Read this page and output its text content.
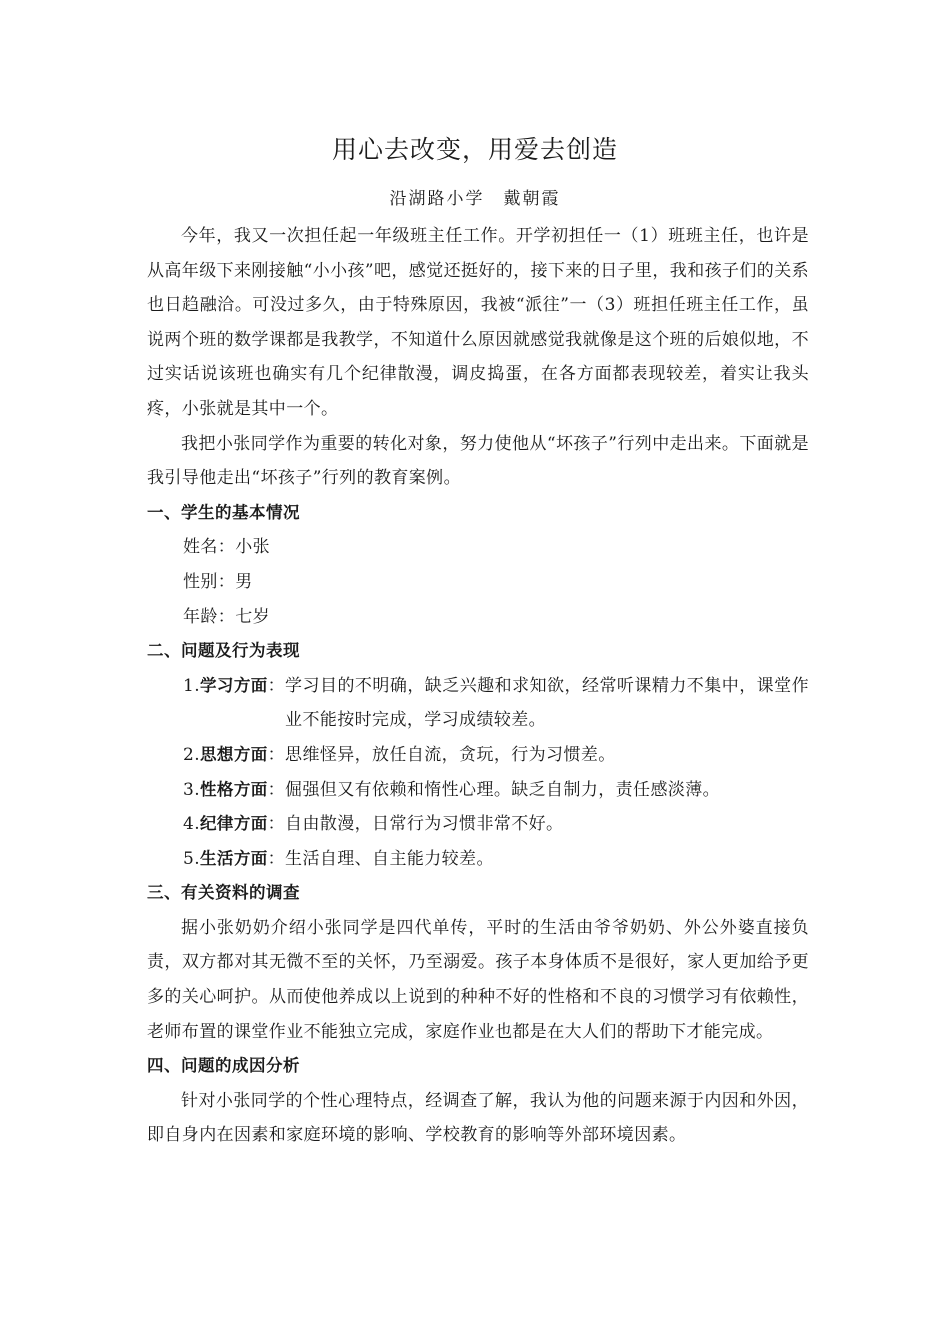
用心去改变，用爱去创造
沿湖路小学　戴朝霞

今年，我又一次担任起一年级班主任工作。开学初担任一（1）班班主任，也许是从高年级下来刚接触“小小孩”吧，感觉还挺好的，接下来的日子里，我和孩子们的关系也日趋融洽。可没过多久，由于特殊原因，我被“派往”一（3）班担任班主任工作，虽说两个班的数学课都是我教学，不知道什么原因就感觉我就像是这个班的后娘似地，不过实话说该班也确实有几个纪律散漫，调皮捣蛋，在各方面都表现较差，着实让我头疼，小张就是其中一个。

我把小张同学作为重要的转化对象，努力使他从“坏孩子”行列中走出来。下面就是我引导他走出“坏孩子”行列的教育案例。

一、学生的基本情况

姓名：小张

性别：男

年龄：七岁

二、问题及行为表现

1.学习方面： 学习目的不明确，缺乏兴趣和求知欲，经常听课精力不集中，课堂作业不能按时完成，学习成绩较差。
2.思想方面： 思维怪异，放任自流，贪玩，行为习惯差。
3.性格方面： 倔强但又有依赖和惰性心理。缺乏自制力，责任感淡薄。
4.纪律方面： 自由散漫，日常行为习惯非常不好。
5.生活方面： 生活自理、自主能力较差。

三、有关资料的调查

据小张奶奶介绍小张同学是四代单传，平时的生活由爷爷奶奶、外公外婆直接负责，双方都对其无微不至的关怀，乃至溺爱。孩子本身体质不是很好，家人更加给予更多的关心呵护。从而使他养成以上说到的种种不好的性格和不良的习惯学习有依赖性，老师布置的课堂作业不能独立完成，家庭作业也都是在大人们的帮助下才能完成。

四、问题的成因分析

针对小张同学的个性心理特点，经调查了解，我认为他的问题来源于内因和外因，即自身内在因素和家庭环境的影响、学校教育的影响等外部环境因素。
